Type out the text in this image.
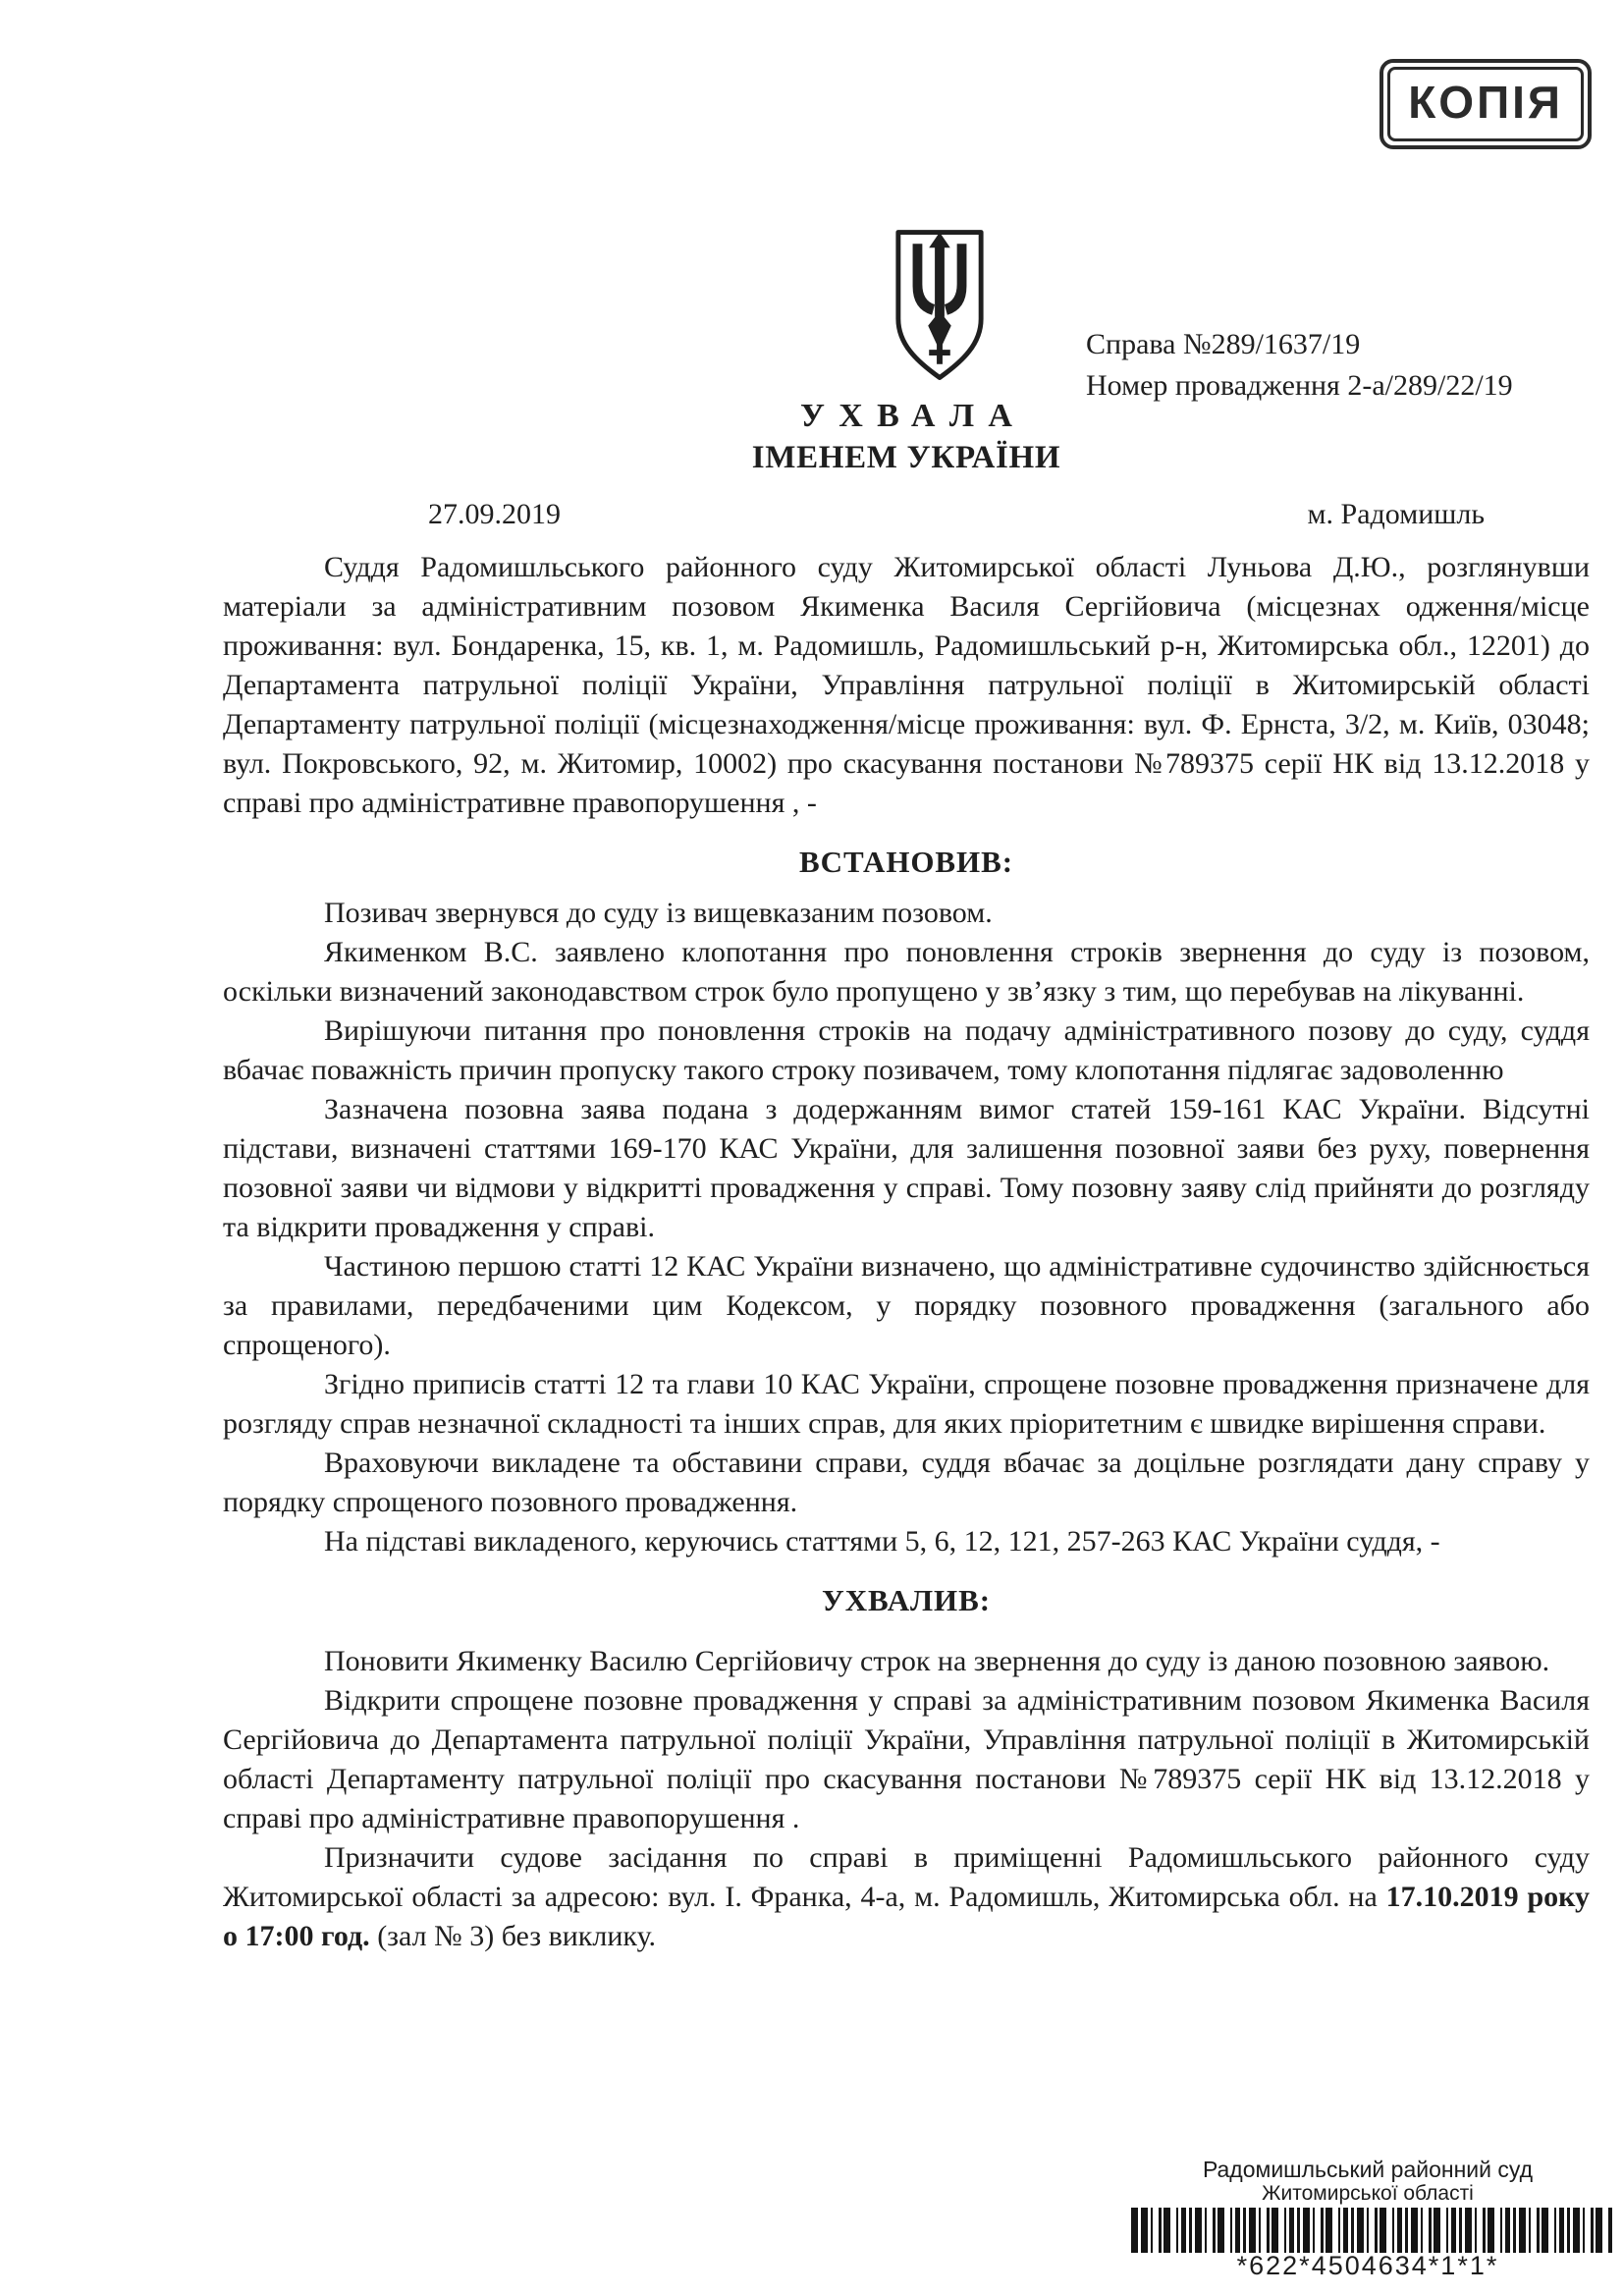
КОПІЯ
Справа №289/1637/19
Номер провадження 2-а/289/22/19
УХВАЛА
ІМЕНЕМ УКРАЇНИ
27.09.2019	м. Радомишль

Суддя Радомишльського районного суду Житомирської області Луньова Д.Ю., розглянувши матеріали за адміністративним позовом Якименка Василя Сергійовича (місцезнах одження/місце проживання: вул. Бондаренка, 15, кв. 1, м. Радомишль, Радомишльський р-н, Житомирська обл., 12201) до Департамента патрульної поліції України, Управління патрульної поліції в Житомирській області Департаменту патрульної поліції (місцезнаходження/місце проживання: вул. Ф. Ернста, 3/2, м. Київ, 03048; вул. Покровського, 92, м. Житомир, 10002) про скасування постанови №789375 серії НК від 13.12.2018 у справі про адміністративне правопорушення , -

ВСТАНОВИВ:

Позивач звернувся до суду із вищевказаним позовом.

Якименком В.С. заявлено клопотання про поновлення строків звернення до суду із позовом, оскільки визначений законодавством строк було пропущено у зв’язку з тим, що перебував на лікуванні.

Вирішуючи питання про поновлення строків на подачу адміністративного позову до суду, суддя вбачає поважність причин пропуску такого строку позивачем, тому клопотання підлягає задоволенню

Зазначена позовна заява подана з додержанням вимог статей 159-161 КАС України. Відсутні підстави, визначені статтями 169-170 КАС України, для залишення позовної заяви без руху, повернення позовної заяви чи відмови у відкритті провадження у справі. Тому позовну заяву слід прийняти до розгляду та відкрити провадження у справі.

Частиною першою статті 12 КАС України визначено, що адміністративне судочинство здійснюється за правилами, передбаченими цим Кодексом, у порядку позовного провадження (загального або спрощеного).

Згідно приписів статті 12 та глави 10 КАС України, спрощене позовне провадження призначене для розгляду справ незначної складності та інших справ, для яких пріоритетним є швидке вирішення справи.

Враховуючи викладене та обставини справи, суддя вбачає за доцільне розглядати дану справу у порядку спрощеного позовного провадження.

На підставі викладеного, керуючись статтями 5, 6, 12, 121, 257-263 КАС України суддя, -

УХВАЛИВ:

Поновити Якименку Василю Сергійовичу строк на звернення до суду із даною позовною заявою.

Відкрити спрощене позовне провадження у справі за адміністративним позовом Якименка Василя Сергійовича до Департамента патрульної поліції України, Управління патрульної поліції в Житомирській області Департаменту патрульної поліції про скасування постанови №789375 серії НК від 13.12.2018 у справі про адміністративне правопорушення .

Призначити судове засідання по справі в приміщенні Радомишльського районного суду Житомирської області за адресою: вул. І. Франка, 4-а, м. Радомишль, Житомирська обл. на 17.10.2019 року о 17:00 год. (зал № 3) без виклику.

Радомишльський районний суд
Житомирської області
*622*4504634*1*1*
